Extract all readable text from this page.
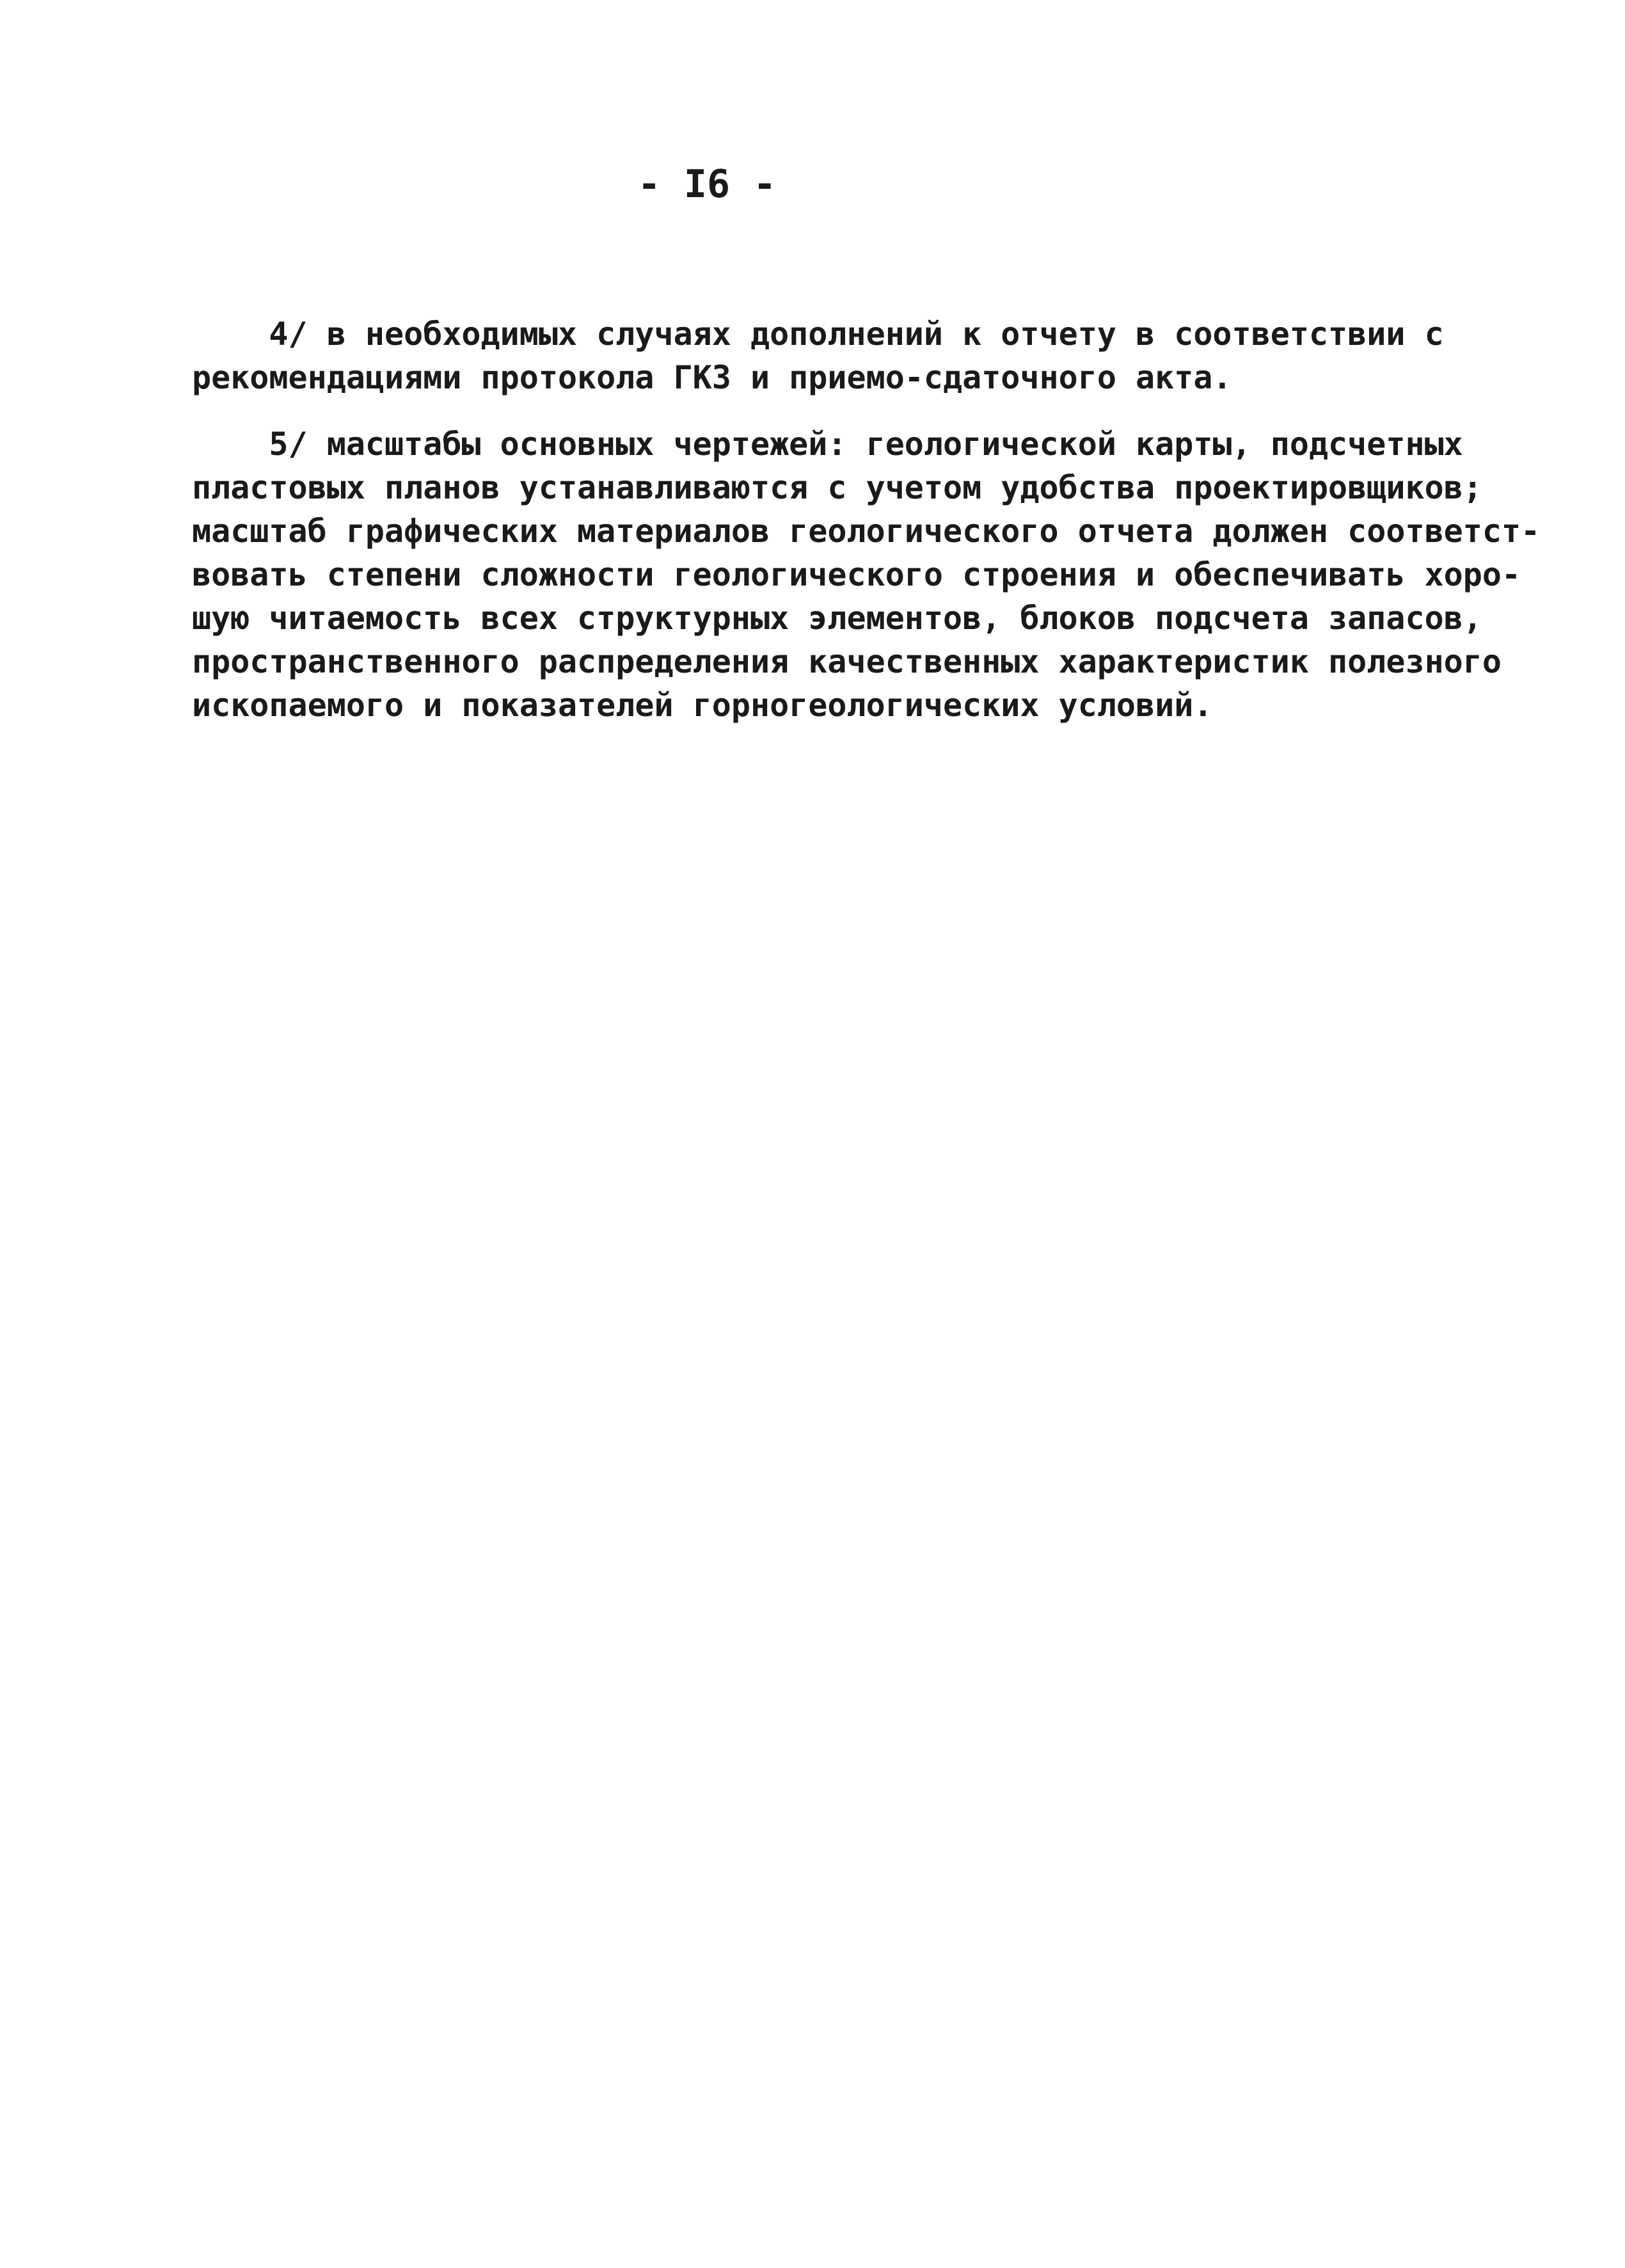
- I6 -
4/ в необходимых случаях дополнений к отчету в соответствии с
рекомендациями протокола ГКЗ и приемо-сдаточного акта.
5/ масштабы основных чертежей: геологической карты, подсчетных
пластовых планов устанавливаются с учетом удобства проектировщиков;
масштаб графических материалов геологического отчета должен соответст-
вовать степени сложности геологического строения и обеспечивать хоро-
шую читаемость всех структурных элементов, блоков подсчета запасов,
пространственного распределения качественных характеристик полезного
ископаемого и показателей горногеологических условий.
